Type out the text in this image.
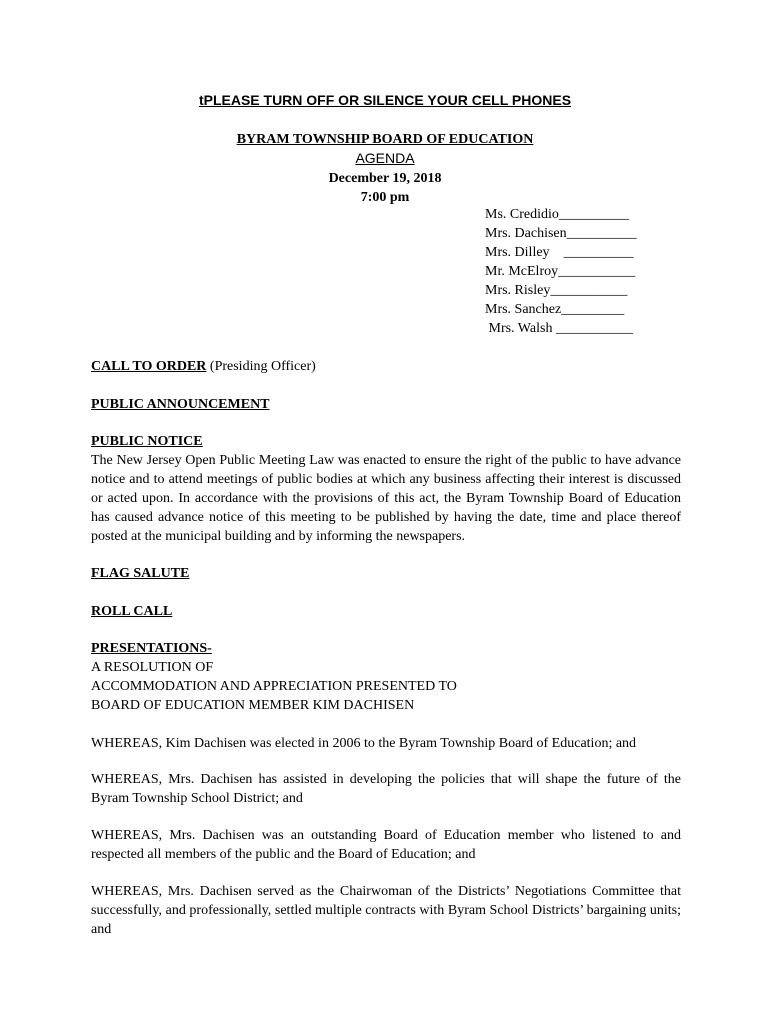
tPLEASE TURN OFF OR SILENCE YOUR CELL PHONES
BYRAM TOWNSHIP BOARD OF EDUCATION
AGENDA
December 19, 2018
7:00 pm
Ms. Credidio__________
Mrs. Dachisen__________
Mrs. Dilley    __________
Mr. McElroy___________
Mrs. Risley___________
Mrs. Sanchez_________
Mrs. Walsh ___________
CALL TO ORDER (Presiding Officer)
PUBLIC ANNOUNCEMENT
PUBLIC NOTICE
The New Jersey Open Public Meeting Law was enacted to ensure the right of the public to have advance notice and to attend meetings of public bodies at which any business affecting their interest is discussed or acted upon. In accordance with the provisions of this act, the Byram Township Board of Education has caused advance notice of this meeting to be published by having the date, time and place thereof posted at the municipal building and by informing the newspapers.
FLAG SALUTE
ROLL CALL
PRESENTATIONS-
A RESOLUTION OF
ACCOMMODATION AND APPRECIATION PRESENTED TO
BOARD OF EDUCATION MEMBER KIM DACHISEN
WHEREAS, Kim Dachisen was elected in 2006 to the Byram Township Board of Education; and
WHEREAS, Mrs. Dachisen has assisted in developing the policies that will shape the future of the Byram Township School District; and
WHEREAS, Mrs. Dachisen was an outstanding Board of Education member who listened to and respected all members of the public and the Board of Education; and
WHEREAS, Mrs. Dachisen served as the Chairwoman of the Districts’ Negotiations Committee that successfully, and professionally, settled multiple contracts with Byram School Districts’ bargaining units; and
